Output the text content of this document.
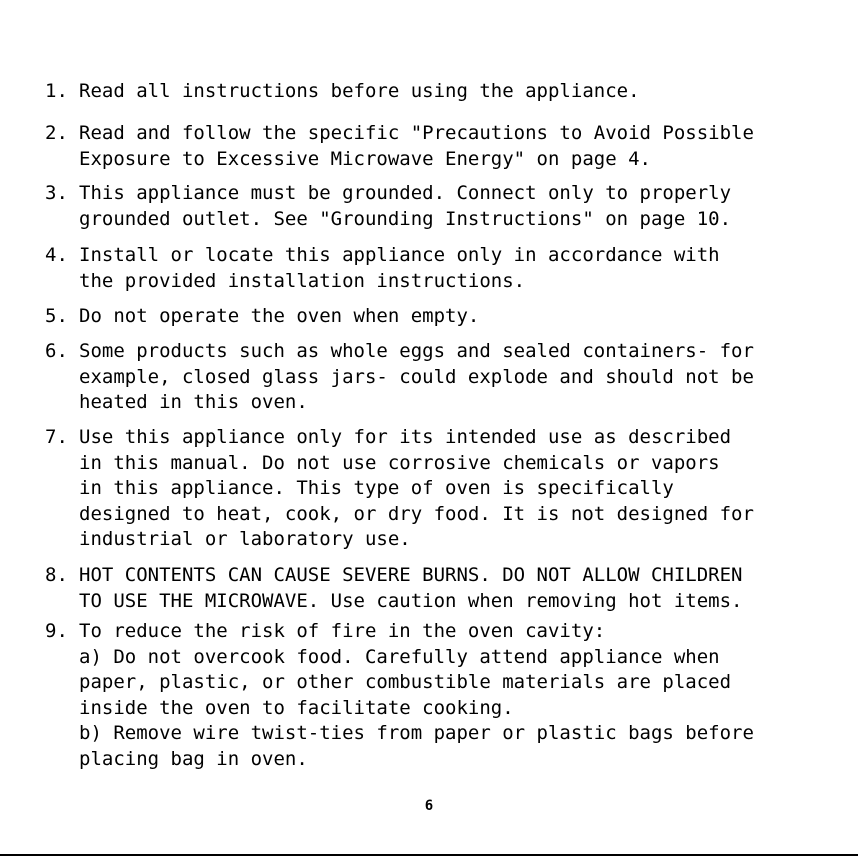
1. Read all instructions before using the appliance.
2. Read and follow the specific "Precautions to Avoid Possible
Exposure to Excessive Microwave Energy" on page 4.
3. This appliance must be grounded. Connect only to properly
grounded outlet. See "Grounding Instructions" on page 10.
4. Install or locate this appliance only in accordance with
the provided installation instructions.
5. Do not operate the oven when empty.
6. Some products such as whole eggs and sealed containers- for
example, closed glass jars- could explode and should not be
heated in this oven.
7. Use this appliance only for its intended use as described
in this manual. Do not use corrosive chemicals or vapors
in this appliance. This type of oven is specifically
designed to heat, cook, or dry food. It is not designed for
industrial or laboratory use.
8. HOT CONTENTS CAN CAUSE SEVERE BURNS. DO NOT ALLOW CHILDREN
TO USE THE MICROWAVE. Use caution when removing hot items.
9. To reduce the risk of fire in the oven cavity:
a) Do not overcook food. Carefully attend appliance when
paper, plastic, or other combustible materials are placed
inside the oven to facilitate cooking.
b) Remove wire twist-ties from paper or plastic bags before
placing bag in oven.
6
